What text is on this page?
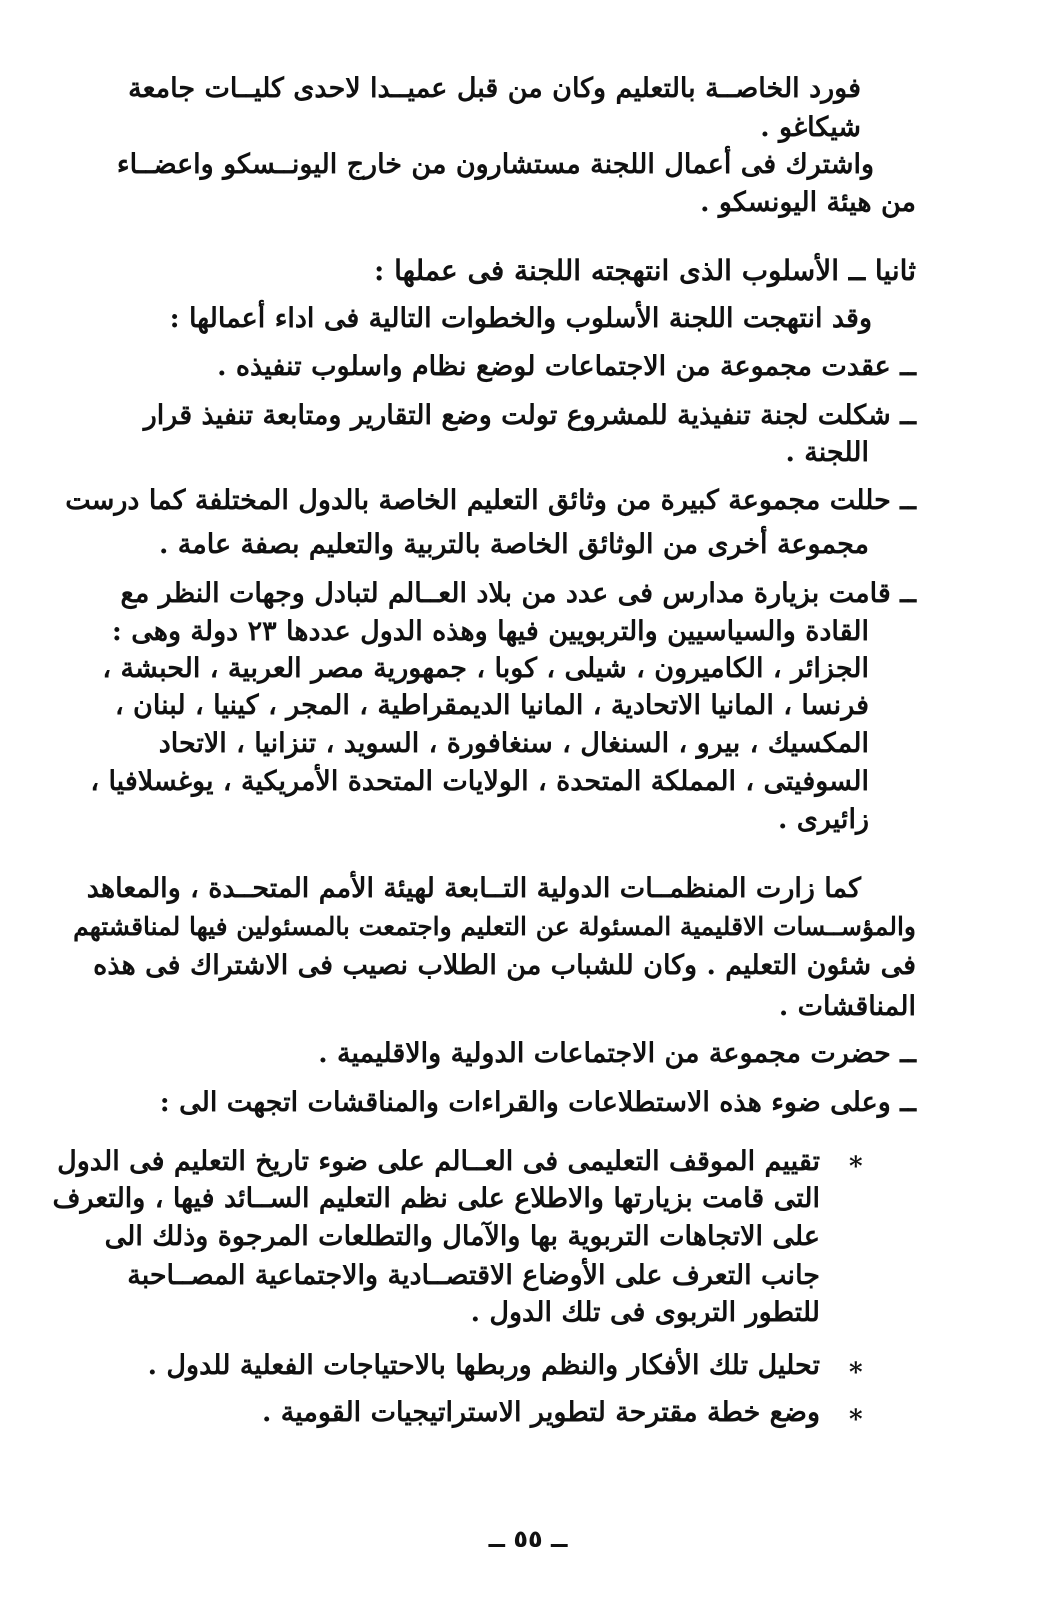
فورد الخاصــة بالتعليم وكان من قبل عميــدا لاحدى كليــات جامعة
شيكاغو .
واشترك فى أعمال اللجنة مستشارون من خارج اليونــسكو واعضــاء
من هيئة اليونسكو .
ثانيا ــ الأسلوب الذى انتهجته اللجنة فى عملها :
وقد انتهجت اللجنة الأسلوب والخطوات التالية فى اداء أعمالها :
ــ عقدت مجموعة من الاجتماعات لوضع نظام واسلوب تنفيذه .
ــ شكلت لجنة تنفيذية للمشروع تولت وضع التقارير ومتابعة تنفيذ قرار
اللجنة .
ــ حللت مجموعة كبيرة من وثائق التعليم الخاصة بالدول المختلفة كما درست
مجموعة أخرى من الوثائق الخاصة بالتربية والتعليم بصفة عامة .
ــ قامت بزيارة مدارس فى عدد من بلاد العــالم لتبادل وجهات النظر مع
القادة والسياسيين والتربويين فيها وهذه الدول عددها ٢٣ دولة وهى :
الجزائر ، الكاميرون ، شيلى ، كوبا ، جمهورية مصر العربية ، الحبشة ،
فرنسا ، المانيا الاتحادية ، المانيا الديمقراطية ، المجر ، كينيا ، لبنان ،
المكسيك ، بيرو ، السنغال ، سنغافورة ، السويد ، تنزانيا ، الاتحاد
السوفيتى ، المملكة المتحدة ، الولايات المتحدة الأمريكية ، يوغسلافيا ،
زائيرى .
كما زارت المنظمــات الدولية التــابعة لهيئة الأمم المتحــدة ، والمعاهد
والمؤســسات الاقليمية المسئولة عن التعليم واجتمعت بالمسئولين فيها لمناقشتهم
فى شئون التعليم . وكان للشباب من الطلاب نصيب فى الاشتراك فى هذه
المناقشات .
ــ حضرت مجموعة من الاجتماعات الدولية والاقليمية .
ــ وعلى ضوء هذه الاستطلاعات والقراءات والمناقشات اتجهت الى :
*
تقييم الموقف التعليمى فى العــالم على ضوء تاريخ التعليم فى الدول
التى قامت بزيارتها والاطلاع على نظم التعليم الســائد فيها ، والتعرف
على الاتجاهات التربوية بها والآمال والتطلعات المرجوة وذلك الى
جانب التعرف على الأوضاع الاقتصــادية والاجتماعية المصــاحبة
للتطور التربوى فى تلك الدول .
*
تحليل تلك الأفكار والنظم وربطها بالاحتياجات الفعلية للدول .
*
وضع خطة مقترحة لتطوير الاستراتيجيات القومية .
ــ ٥٥ ــ
